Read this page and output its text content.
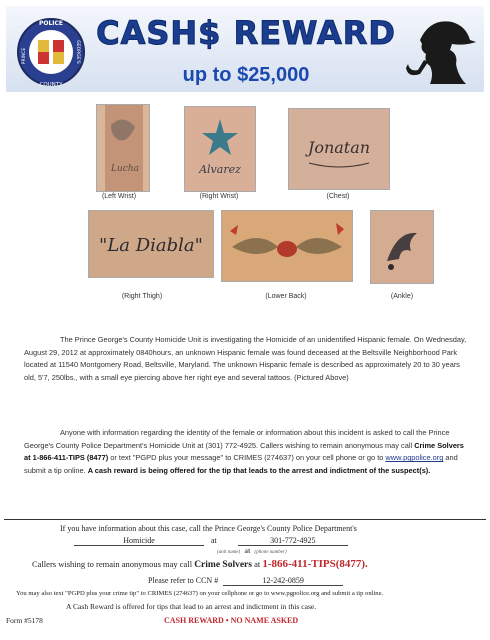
POLICE
COUNTY
PRINCE	GEORGE'S CASH$ REWARD
up to $25,000
Lucha
(Left Wrist)
Alvarez
(Right Wrist)
Jonatan
(Chest)
"La Diabla"
(Right Thigh)	(Lower Back)	(Ankle)
The Prince George's County Homicide Unit is investigating the Homicide of an unidentified Hispanic female. On Wednesday, August 29, 2012 at approximately 0840hours, an unknown Hispanic female was found deceased at the Beltsville Neighborhood Park located at 11540 Montgomery Road, Beltsville, Maryland. The unknown Hispanic female is described as approximately 20 to 30 years old, 5'7, 250lbs., with a small eye piercing above her right eye and several tattoos. (Pictured Above)
Anyone with information regarding the identity of the female or information about this incident is asked to call the Prince George's County Police Department's Homicide Unit at (301) 772-4925. Callers wishing to remain anonymous may call Crime Solvers at 1-866-411-TIPS (8477) or text "PGPD plus your message" to CRIMES (274637) on your cell phone or go to www.pgpolice.org and submit a tip online. A cash reward is being offered for the tip that leads to the arrest and indictment of the suspect(s).
If you have information about this case, call the Prince George's County Police Department's
Homicide	at	301-772-4925
(unit name) at (phone number)
Callers wishing to remain anonymous may call Crime Solvers at 1-866-411-TIPS(8477).
Please refer to CCN #	12-242-0859
You may also text "PGPD plus your crime tip" to CRIMES (274637) on your cellphone or go to www.pgpolice.org and submit a tip online.
A Cash Reward is offered for tips that lead to an arrest and indictment in this case.
Form #5178	CASH REWARD • NO NAME ASKED
